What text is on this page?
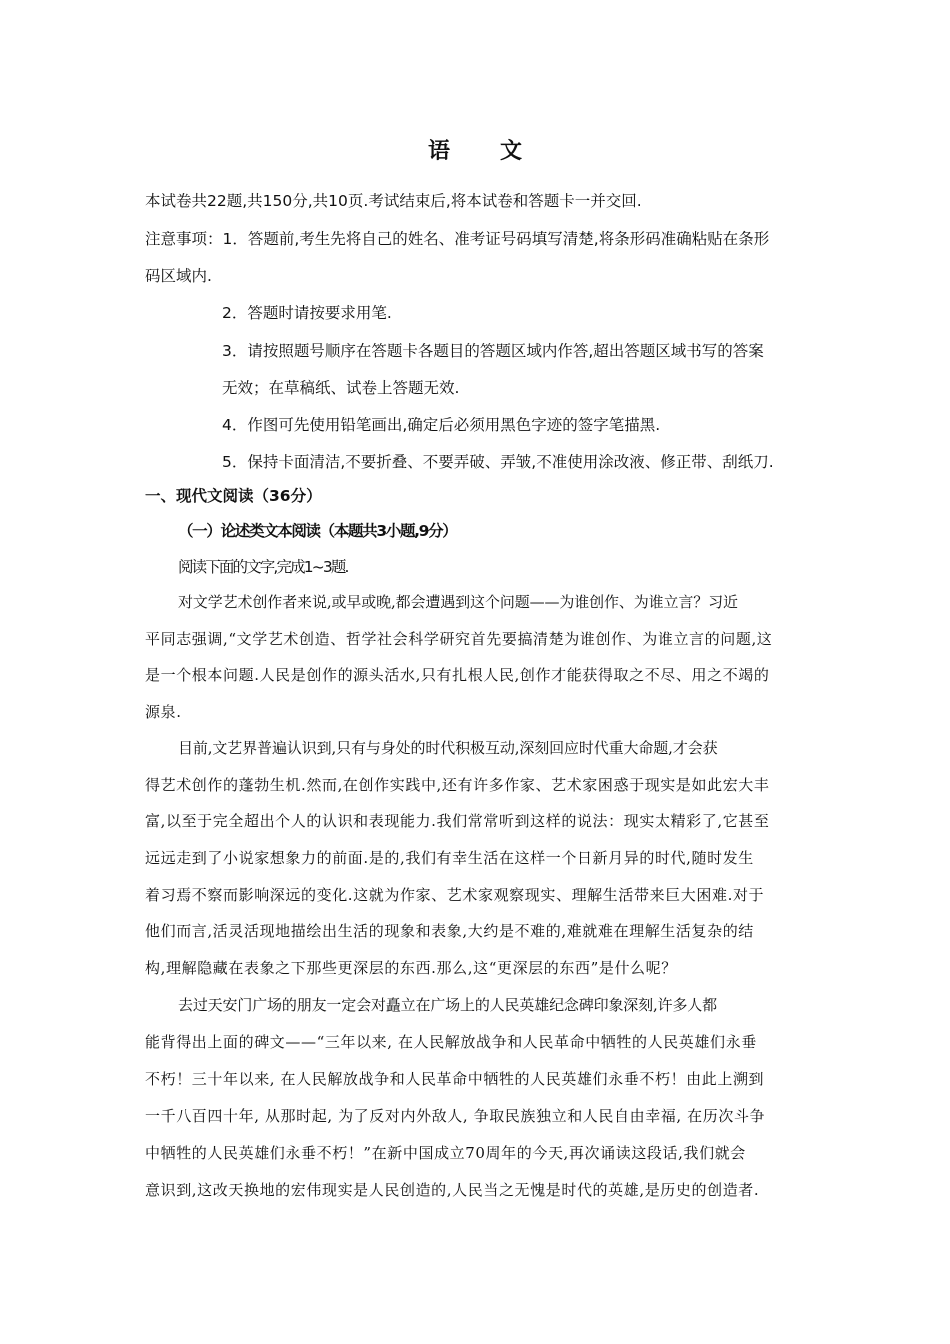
语　文
本试卷共22题,共150分,共10页.考试结束后,将本试卷和答题卡一并交回.
注意事项：1．答题前,考生先将自己的姓名、准考证号码填写清楚,将条形码准确粘贴在条形
码区域内.
2．答题时请按要求用笔.
3．请按照题号顺序在答题卡各题目的答题区域内作答,超出答题区域书写的答案
无效；在草稿纸、试卷上答题无效.
4．作图可先使用铅笔画出,确定后必须用黑色字迹的签字笔描黑.
5．保持卡面清洁,不要折叠、不要弄破、弄皱,不准使用涂改液、修正带、刮纸刀.
一、现代文阅读（36分）
（一）论述类文本阅读（本题共3小题,9分）
阅读下面的文字,完成1~3题.
对文学艺术创作者来说,或早或晚,都会遭遇到这个问题——为谁创作、为谁立言？习近
平同志强调,“文学艺术创造、哲学社会科学研究首先要搞清楚为谁创作、为谁立言的问题,这
是一个根本问题.人民是创作的源头活水,只有扎根人民,创作才能获得取之不尽、用之不竭的
源泉.
目前,文艺界普遍认识到,只有与身处的时代积极互动,深刻回应时代重大命题,才会获
得艺术创作的蓬勃生机.然而,在创作实践中,还有许多作家、艺术家困惑于现实是如此宏大丰
富,以至于完全超出个人的认识和表现能力.我们常常听到这样的说法：现实太精彩了,它甚至
远远走到了小说家想象力的前面.是的,我们有幸生活在这样一个日新月异的时代,随时发生
着习焉不察而影响深远的变化.这就为作家、艺术家观察现实、理解生活带来巨大困难.对于
他们而言,活灵活现地描绘出生活的现象和表象,大约是不难的,难就难在理解生活复杂的结
构,理解隐藏在表象之下那些更深层的东西.那么,这“更深层的东西”是什么呢？
去过天安门广场的朋友一定会对矗立在广场上的人民英雄纪念碑印象深刻,许多人都
能背得出上面的碑文——“三年以来, 在人民解放战争和人民革命中牺牲的人民英雄们永垂
不朽！三十年以来, 在人民解放战争和人民革命中牺牲的人民英雄们永垂不朽！由此上溯到
一千八百四十年, 从那时起, 为了反对内外敌人, 争取民族独立和人民自由幸福, 在历次斗争
中牺牲的人民英雄们永垂不朽！”在新中国成立70周年的今天,再次诵读这段话,我们就会
意识到,这改天换地的宏伟现实是人民创造的,人民当之无愧是时代的英雄,是历史的创造者.
